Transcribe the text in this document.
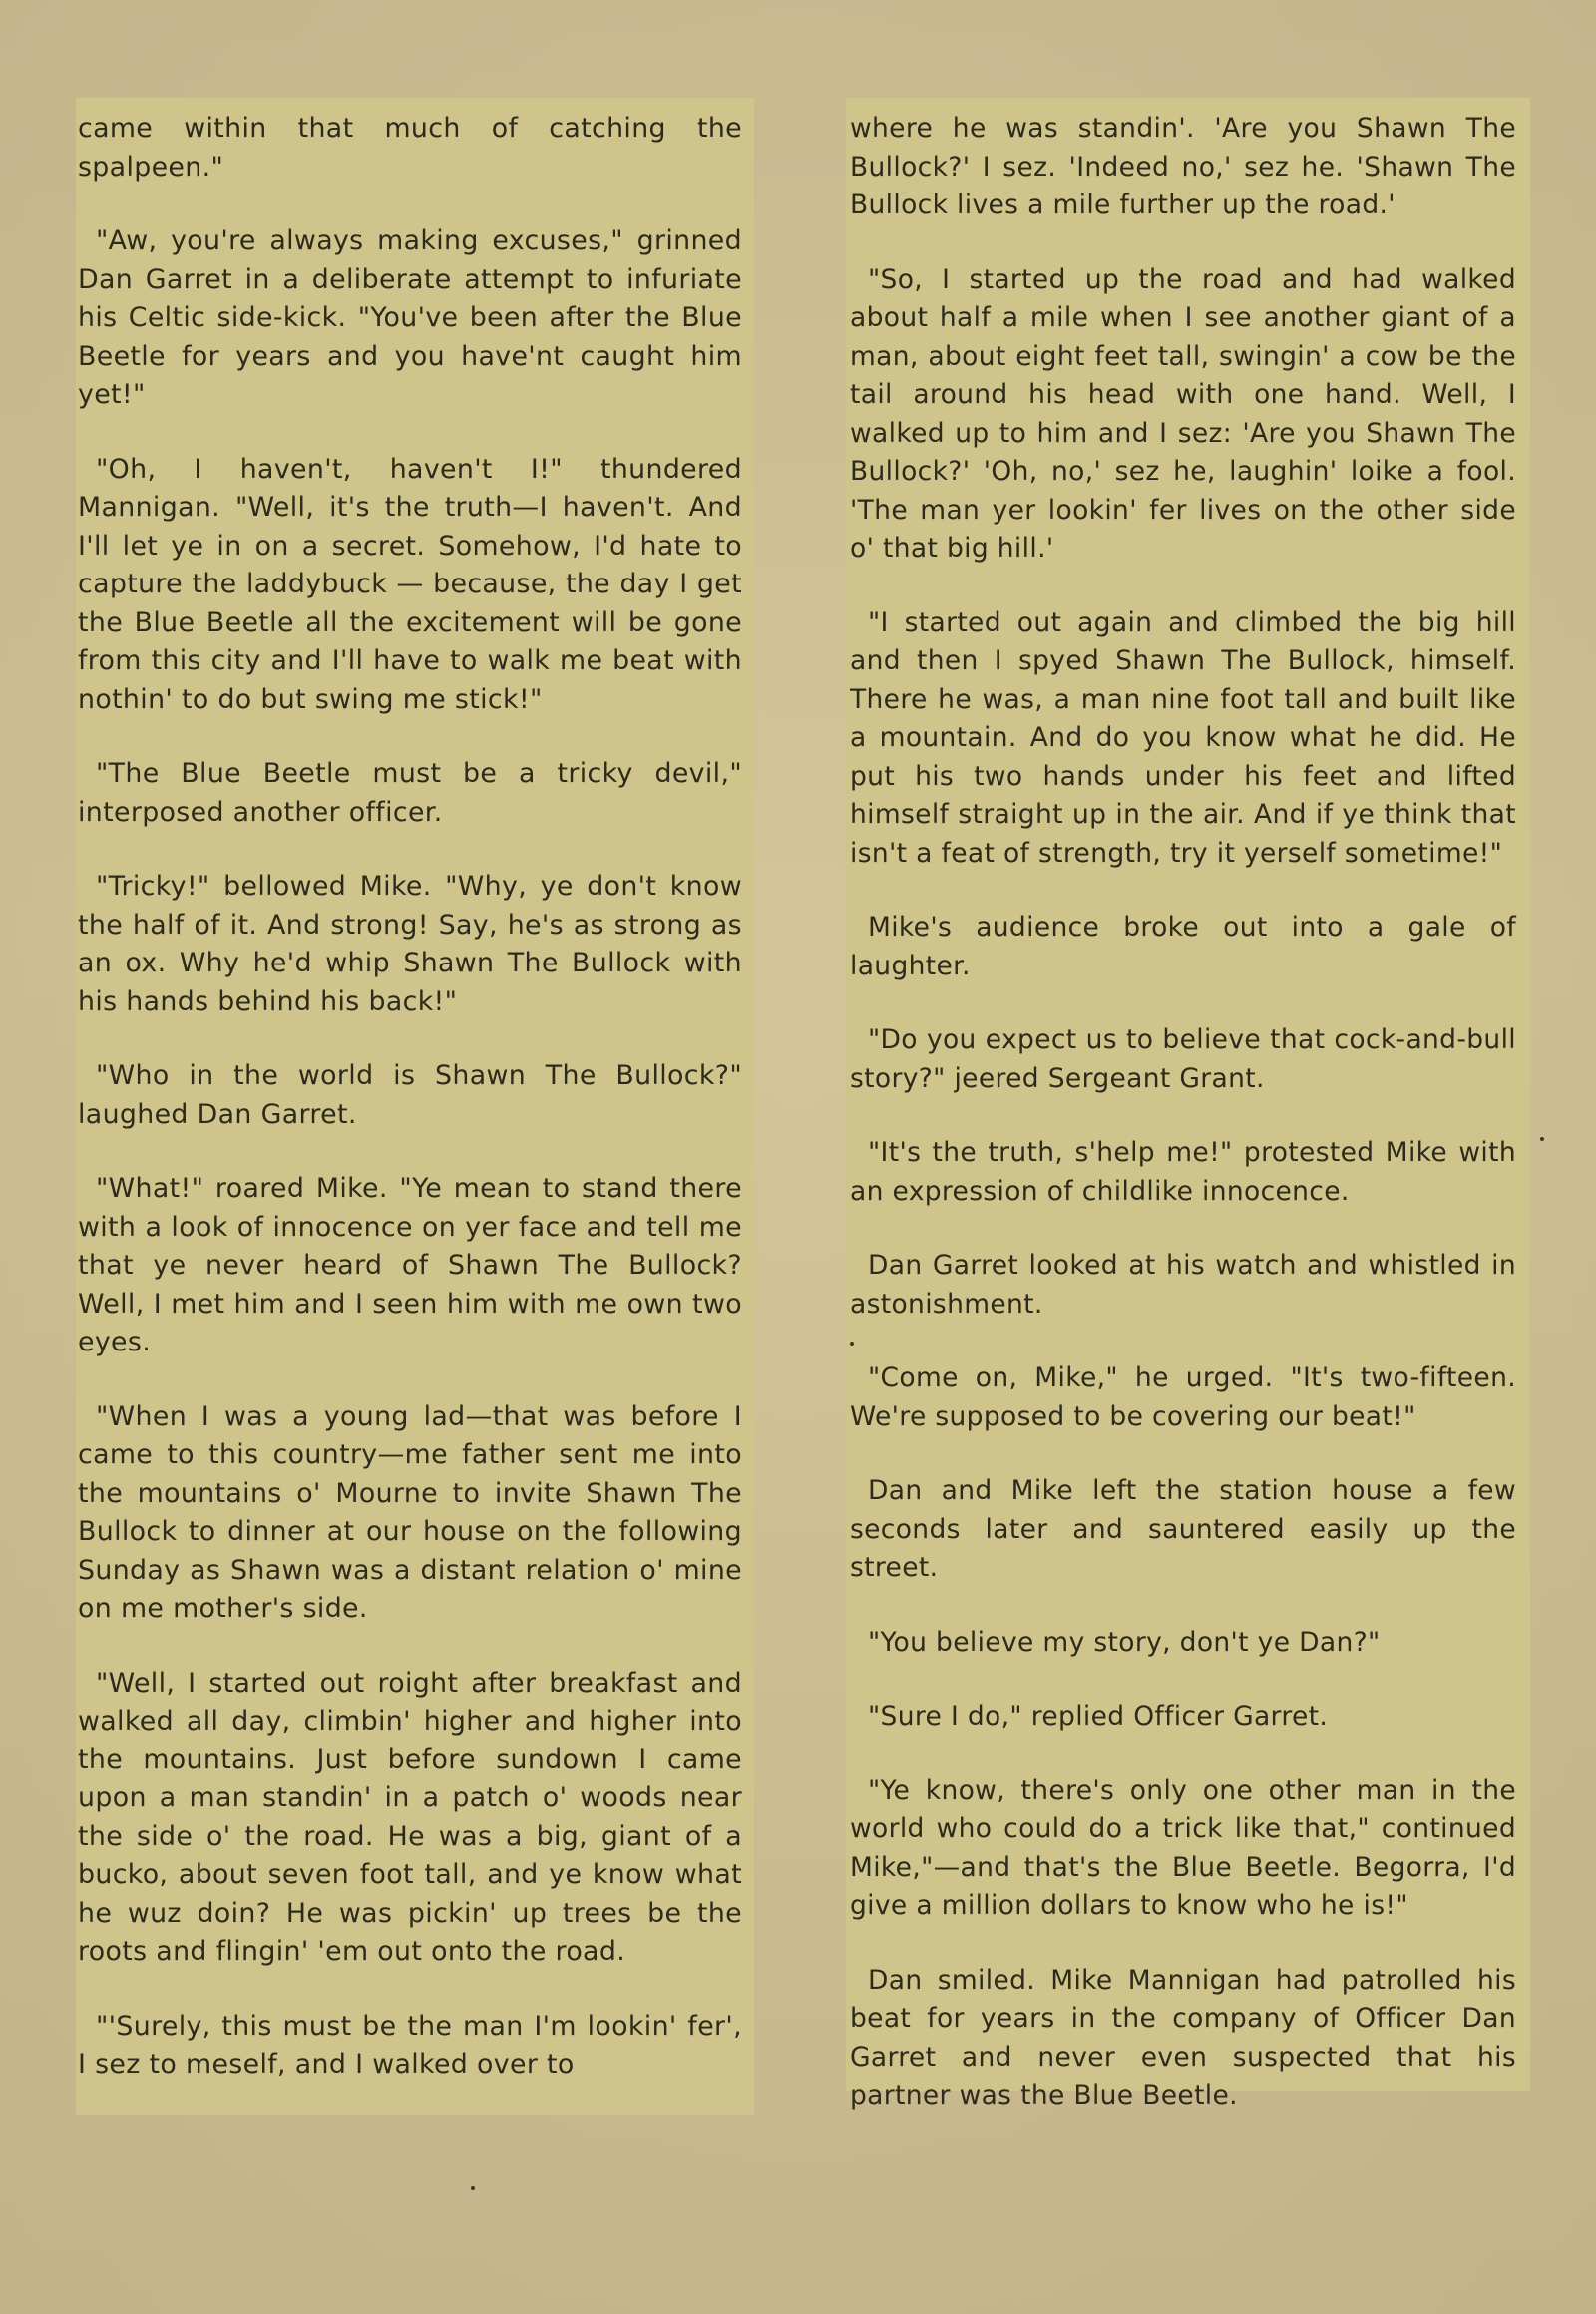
came within that much of catching the spalpeen."

"Aw, you're always making excuses," grinned Dan Garret in a deliberate attempt to infuriate his Celtic side-kick. "You've been after the Blue Beetle for years and you have'nt caught him yet!"

"Oh, I haven't, haven't I!" thundered Mannigan. "Well, it's the truth—I haven't. And I'll let ye in on a secret. Somehow, I'd hate to capture the laddybuck — because, the day I get the Blue Beetle all the excitement will be gone from this city and I'll have to walk me beat with nothin' to do but swing me stick!"

"The Blue Beetle must be a tricky devil," interposed another officer.

"Tricky!" bellowed Mike. "Why, ye don't know the half of it. And strong! Say, he's as strong as an ox. Why he'd whip Shawn The Bullock with his hands behind his back!"

"Who in the world is Shawn The Bullock?" laughed Dan Garret.

"What!" roared Mike. "Ye mean to stand there with a look of innocence on yer face and tell me that ye never heard of Shawn The Bullock? Well, I met him and I seen him with me own two eyes.

"When I was a young lad—that was before I came to this country—me father sent me into the mountains o' Mourne to invite Shawn The Bullock to dinner at our house on the following Sunday as Shawn was a distant relation o' mine on me mother's side.

"Well, I started out roight after breakfast and walked all day, climbin' higher and higher into the mountains. Just before sundown I came upon a man standin' in a patch o' woods near the side o' the road. He was a big, giant of a bucko, about seven foot tall, and ye know what he wuz doin? He was pickin' up trees be the roots and flingin' 'em out onto the road.

"'Surely, this must be the man I'm lookin' fer', I sez to meself, and I walked over to

where he was standin'. 'Are you Shawn The Bullock?' I sez. 'Indeed no,' sez he. 'Shawn The Bullock lives a mile further up the road.'

"So, I started up the road and had walked about half a mile when I see another giant of a man, about eight feet tall, swingin' a cow be the tail around his head with one hand. Well, I walked up to him and I sez: 'Are you Shawn The Bullock?' 'Oh, no,' sez he, laughin' loike a fool. 'The man yer lookin' fer lives on the other side o' that big hill.'

"I started out again and climbed the big hill and then I spyed Shawn The Bullock, himself. There he was, a man nine foot tall and built like a mountain. And do you know what he did. He put his two hands under his feet and lifted himself straight up in the air. And if ye think that isn't a feat of strength, try it yerself sometime!"

Mike's audience broke out into a gale of laughter.

"Do you expect us to believe that cock-and-bull story?" jeered Sergeant Grant.

"It's the truth, s'help me!" protested Mike with an expression of childlike innocence.

Dan Garret looked at his watch and whistled in astonishment.

"Come on, Mike," he urged. "It's two-fifteen. We're supposed to be covering our beat!"

Dan and Mike left the station house a few seconds later and sauntered easily up the street.

"You believe my story, don't ye Dan?"

"Sure I do," replied Officer Garret.

"Ye know, there's only one other man in the world who could do a trick like that," continued Mike,"—and that's the Blue Beetle. Begorra, I'd give a million dollars to know who he is!"

Dan smiled. Mike Mannigan had patrolled his beat for years in the company of Officer Dan Garret and never even suspected that his partner was the Blue Beetle.
